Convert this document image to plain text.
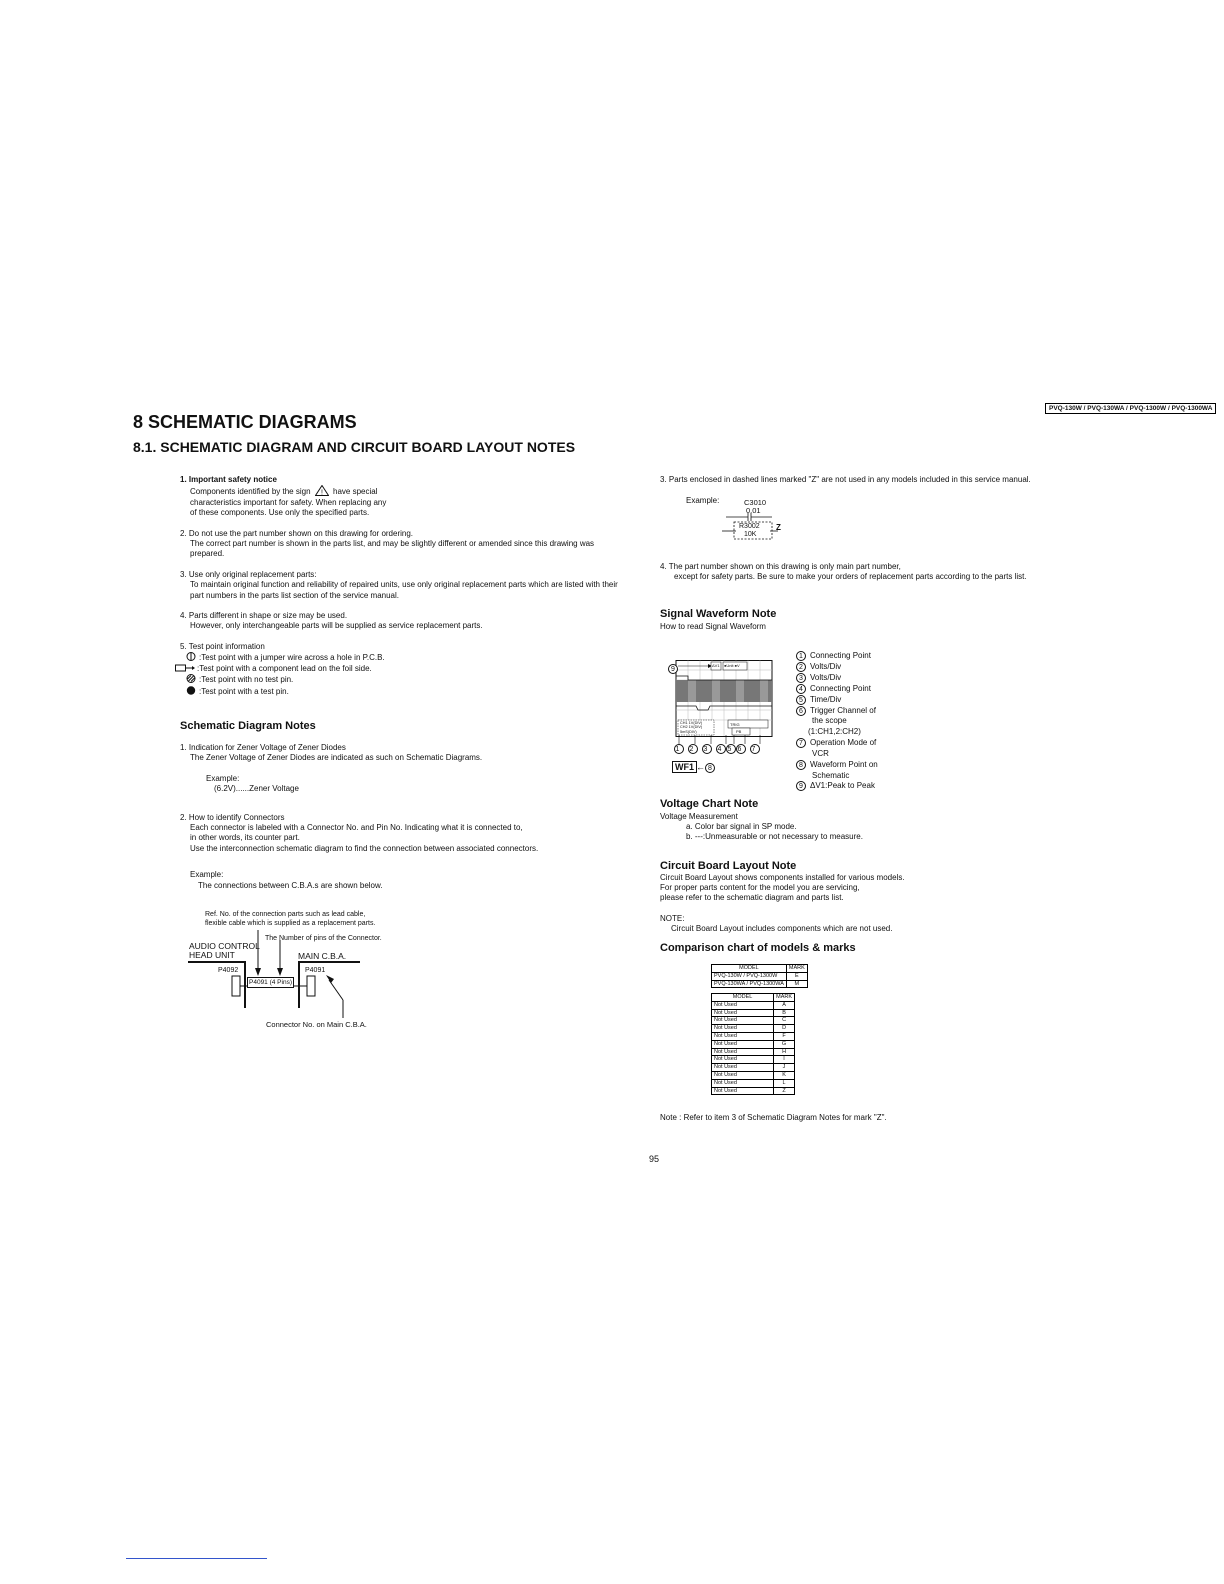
PVQ-130W / PVQ-130WA / PVQ-1300W / PVQ-1300WA
8 SCHEMATIC DIAGRAMS
8.1. SCHEMATIC DIAGRAM AND CIRCUIT BOARD LAYOUT NOTES
1. Important safety notice
Components identified by the sign ! have special
characteristics important for safety. When replacing any
of these components. Use only the specified parts.
2. Do not use the part number shown on this drawing for ordering.
The correct part number is shown in the parts list, and may be slightly different or amended since this drawing was
prepared.
3. Use only original replacement parts:
To maintain original function and reliability of repaired units, use only original replacement parts which are listed with their
part numbers in the parts list section of the service manual.
4. Parts different in shape or size may be used.
However, only interchangeable parts will be supplied as service replacement parts.
5. Test point information
:Test point with a jumper wire across a hole in P.C.B.
:Test point with a component lead on the foil side.
:Test point with no test pin.
:Test point with a test pin.
Schematic Diagram Notes
1. Indication for Zener Voltage of Zener Diodes
The Zener Voltage of Zener Diodes are indicated as such on Schematic Diagrams.
Example:
(6.2V)......Zener Voltage
2. How to identify Connectors
Each connector is labeled with a Connector No. and Pin No. Indicating what it is connected to,
in other words, its counter part.
Use the interconnection schematic diagram to find the connection between associated connectors.
Example:
The connections between C.B.A.s are shown below.
Ref. No. of the connection parts such as lead cable,
flexible cable which is supplied as a replacement parts.
The Number of pins of the Connector.
AUDIO CONTROL
HEAD UNIT	MAIN C.B.A.
P4092	P4091
P4091 (4 Pins)
Connector No. on Main C.B.A.
3. Parts enclosed in dashed lines marked "Z" are not used in any models included in this service manual.
Example:	C3010
0.01
R3002
10K
Z
4. The part number shown on this drawing is only main part number,
except for safety parts. Be sure to make your orders of replacement parts according to the parts list.
Signal Waveform Note
How to read Signal Waveform
9
ΔV1 ●Unit:●V
CH1 1V(DIV)
CH2 1V(DIV)
5mS(DIV)
TRIG
PB
1 2 3 4 5 6 7
WF1 ← 8
1 Connecting Point
2 Volts/Div
3 Volts/Div
4 Connecting Point
5 Time/Div
6 Trigger Channel of
the scope
(1:CH1,2:CH2)
7 Operation Mode of
VCR
8 Waveform Point on
Schematic
9 ΔV1:Peak to Peak
Voltage Chart Note
Voltage Measurement
a. Color bar signal in SP mode.
b. ---:Unmeasurable or not necessary to measure.
Circuit Board Layout Note
Circuit Board Layout shows components installed for various models.
For proper parts content for the model you are servicing,
please refer to the schematic diagram and parts list.
NOTE:
Circuit Board Layout includes components which are not used.
Comparison chart of models & marks
MODEL	MARK
PVQ-130W / PVQ-1300W	E
PVQ-130WA / PVQ-1300WA	M
MODEL	MARK
Not Used	A
Not Used	B
Not Used	C
Not Used	D
Not Used	F
Not Used	G
Not Used	H
Not Used	I
Not Used	J
Not Used	K
Not Used	L
Not Used	Z
Note : Refer to item 3 of Schematic Diagram Notes for mark "Z".
95
